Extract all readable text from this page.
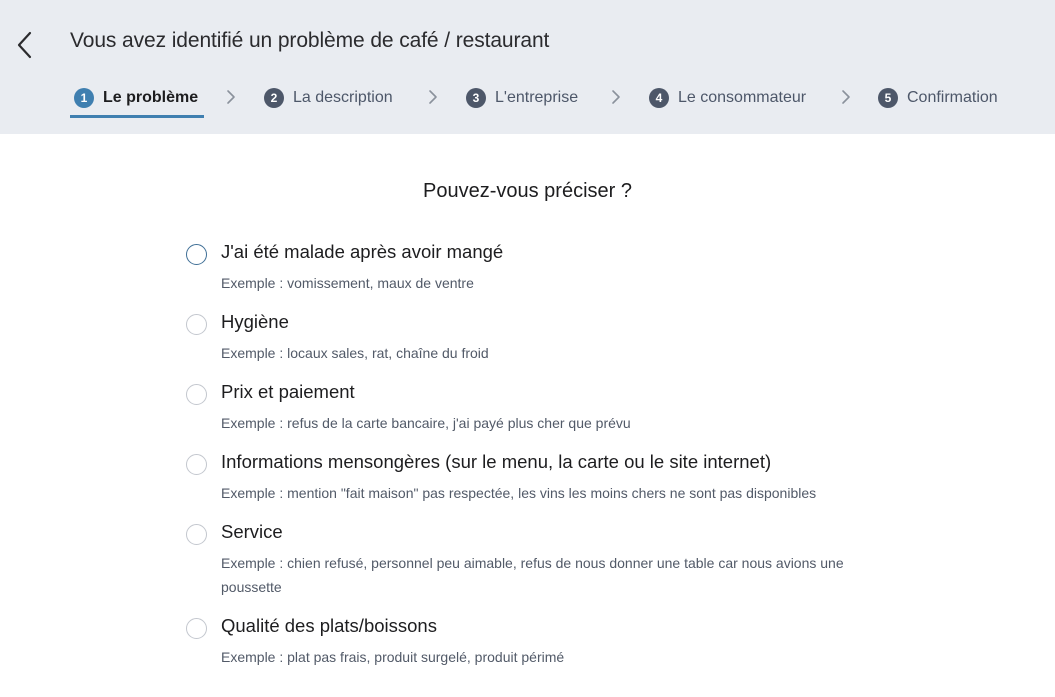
Vous avez identifié un problème de café / restaurant
1 Le problème	2 La description	3 L'entreprise	4 Le consommateur	5 Confirmation
Pouvez-vous préciser ?
J'ai été malade après avoir mangé
Exemple : vomissement, maux de ventre
Hygiène
Exemple : locaux sales, rat, chaîne du froid
Prix et paiement
Exemple : refus de la carte bancaire, j'ai payé plus cher que prévu
Informations mensongères (sur le menu, la carte ou le site internet)
Exemple : mention "fait maison" pas respectée, les vins les moins chers ne sont pas disponibles
Service
Exemple : chien refusé, personnel peu aimable, refus de nous donner une table car nous avions une poussette
Qualité des plats/boissons
Exemple : plat pas frais, produit surgelé, produit périmé
